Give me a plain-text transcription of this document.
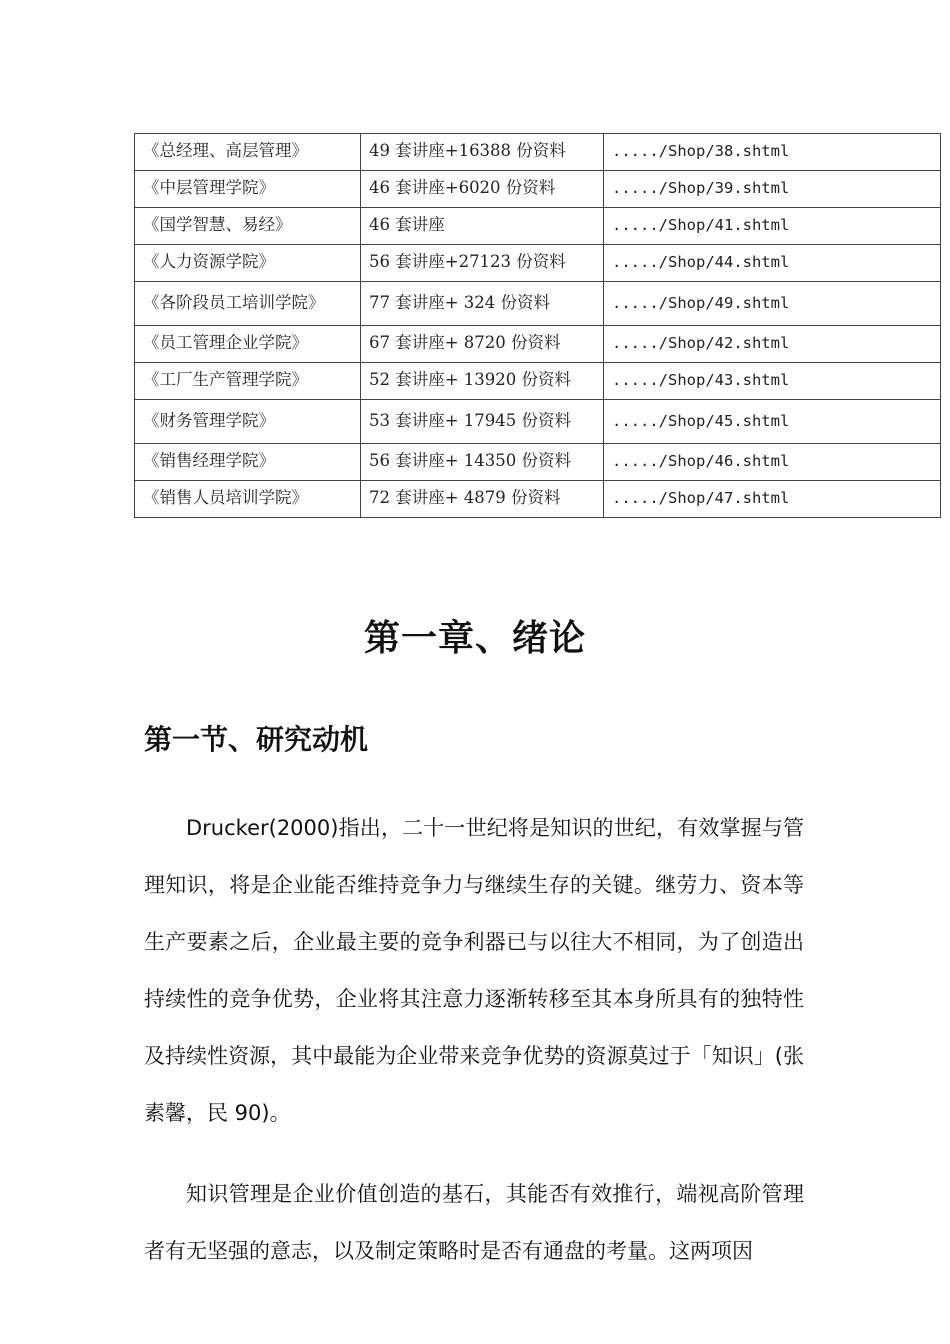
《总经理、高层管理》	49 套讲座+16388 份资料	...../Shop/38.shtml
《中层管理学院》	46 套讲座+6020 份资料	...../Shop/39.shtml
《国学智慧、易经》	46 套讲座	...../Shop/41.shtml
《人力资源学院》	56 套讲座+27123 份资料	...../Shop/44.shtml
《各阶段员工培训学院》	77 套讲座+ 324 份资料	...../Shop/49.shtml
《员工管理企业学院》	67 套讲座+ 8720 份资料	...../Shop/42.shtml
《工厂生产管理学院》	52 套讲座+ 13920 份资料	...../Shop/43.shtml
《财务管理学院》	53 套讲座+ 17945 份资料	...../Shop/45.shtml
《销售经理学院》	56 套讲座+ 14350 份资料	...../Shop/46.shtml
《销售人员培训学院》	72 套讲座+ 4879 份资料	...../Shop/47.shtml
第一章、绪论
第一节、研究动机

Drucker(2000)指出，二十一世纪将是知识的世纪，有效掌握与管理知识，将是企业能否维持竞争力与继续生存的关键。继劳力、资本等生产要素之后，企业最主要的竞争利器已与以往大不相同，为了创造出持续性的竞争优势，企业将其注意力逐渐转移至其本身所具有的独特性及持续性资源，其中最能为企业带来竞争优势的资源莫过于「知识」(张素馨，民 90)。

知识管理是企业价值创造的基石，其能否有效推行，端视高阶管理者有无坚强的意志，以及制定策略时是否有通盘的考量。这两项因
